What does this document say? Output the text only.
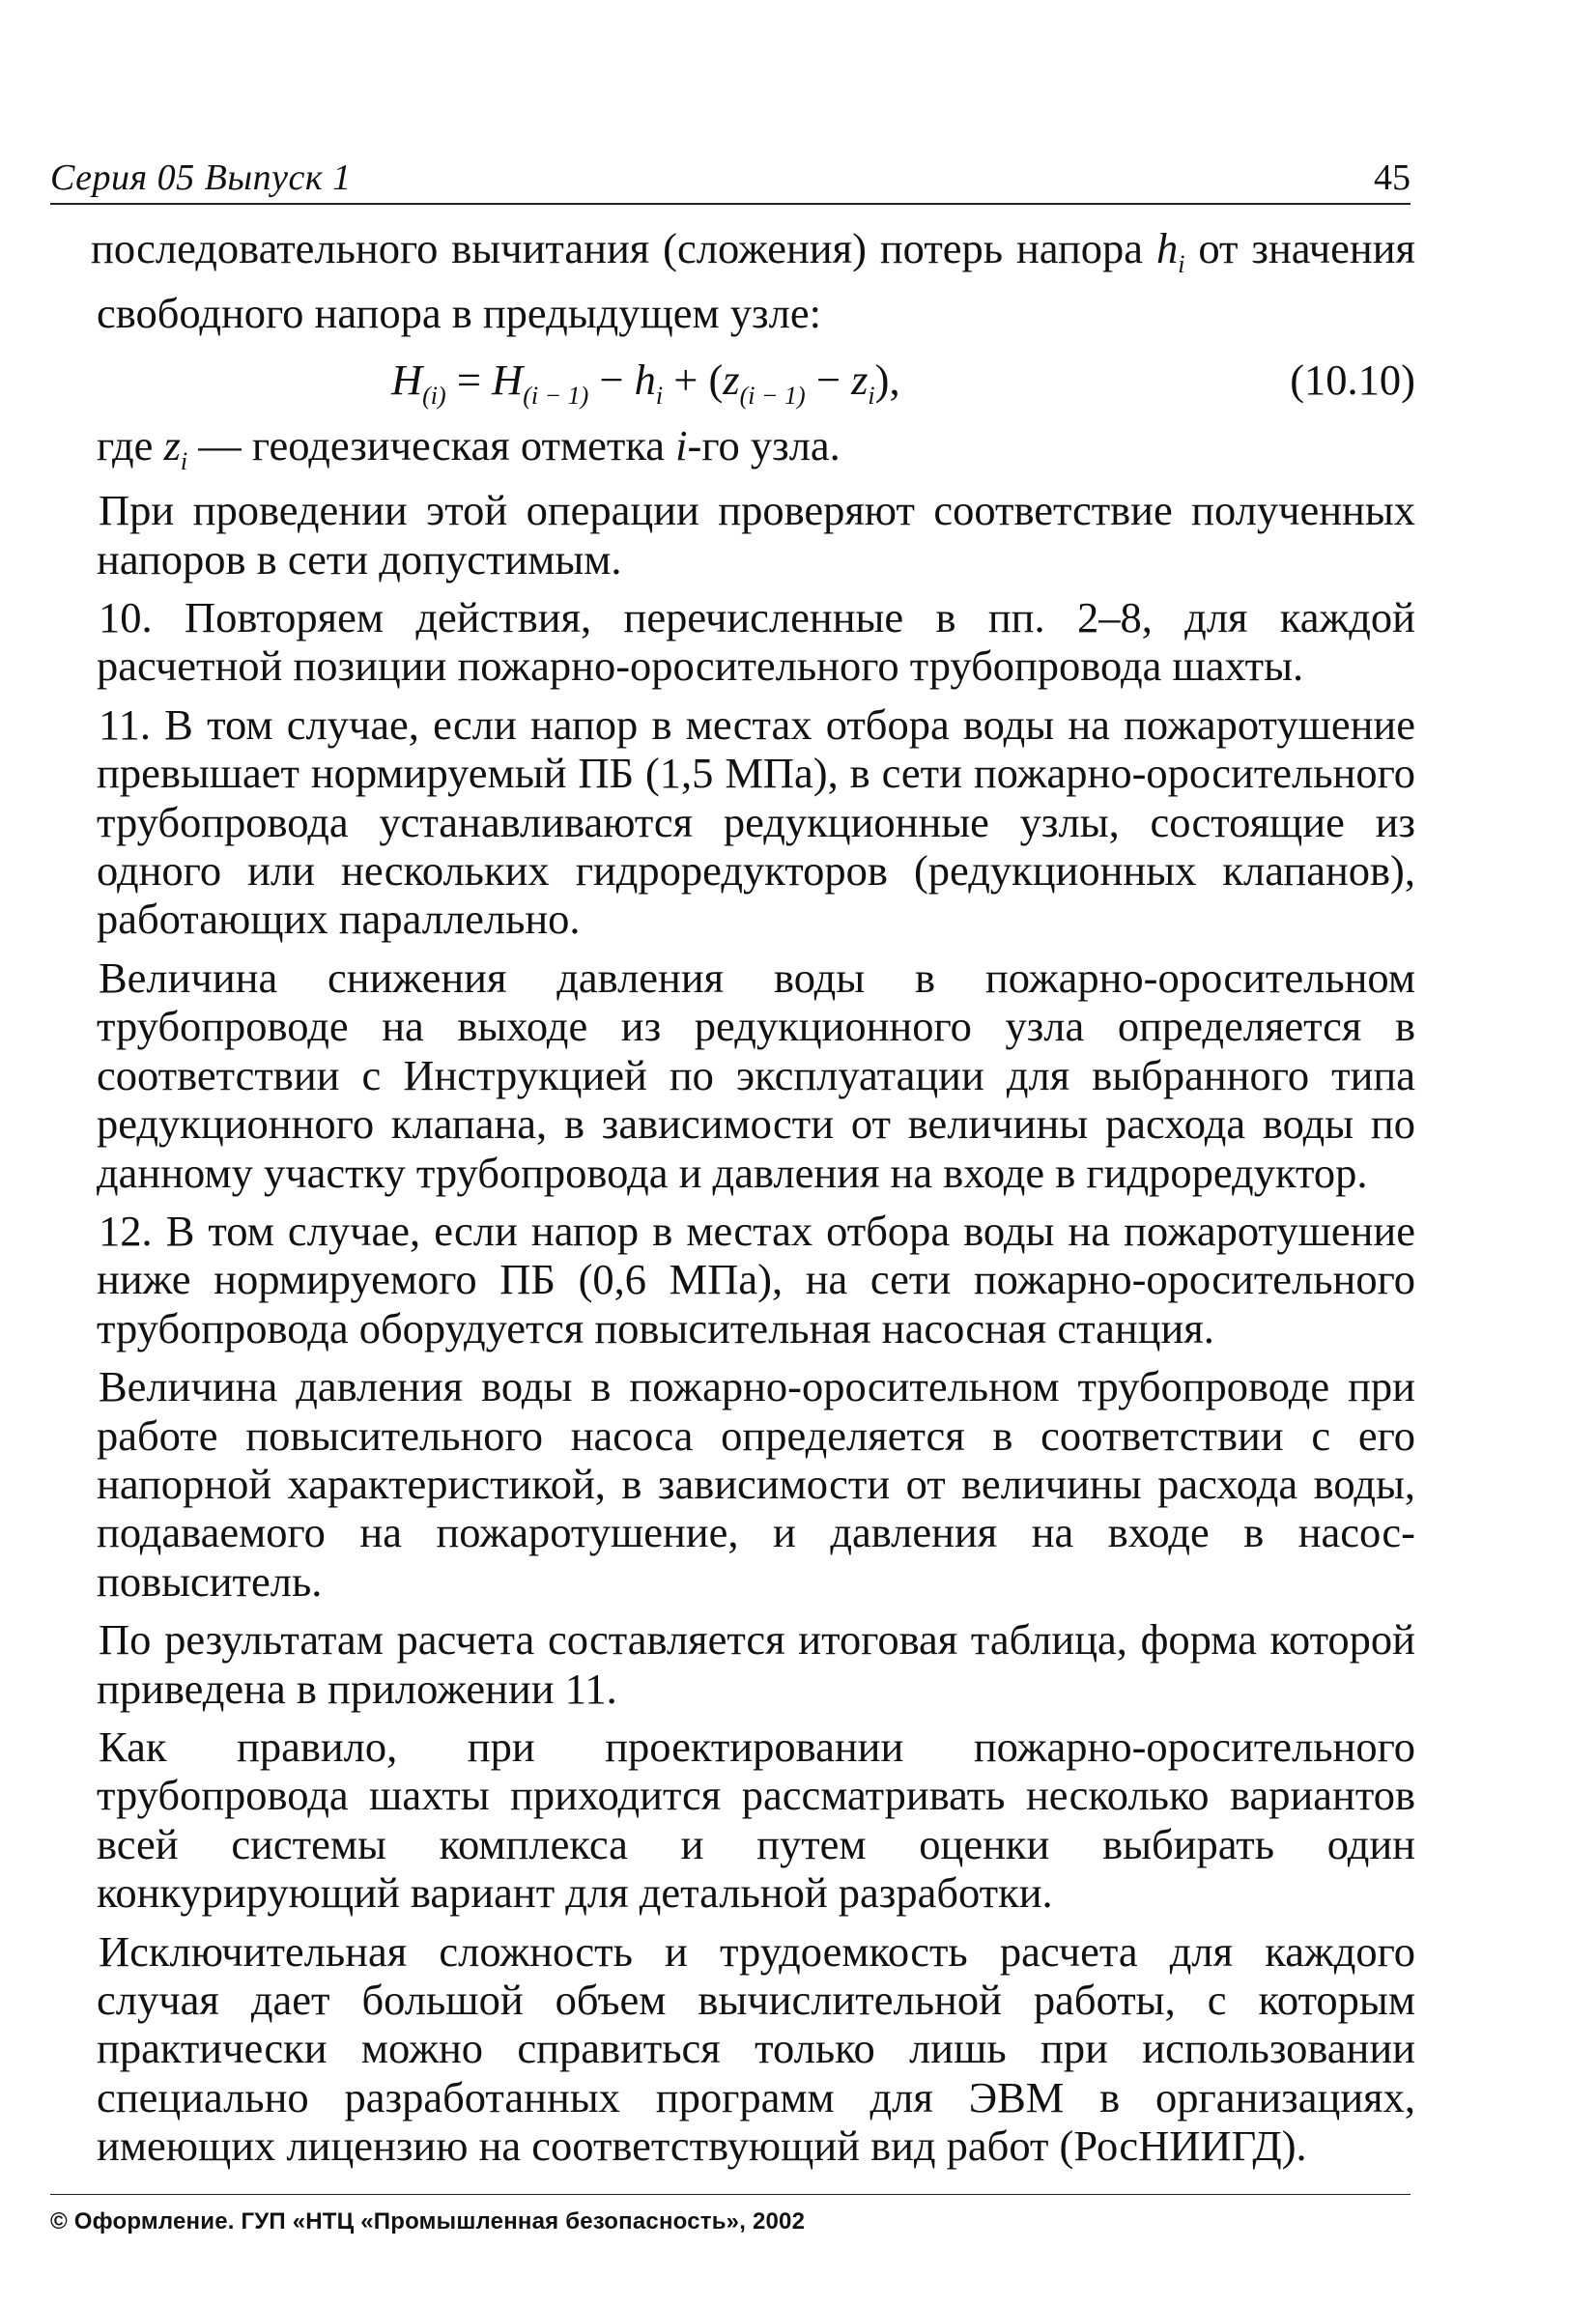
Серия 05 Выпуск 1	45

последовательного вычитания (сложения) потерь напора $h_i$ от значения свободного напора в предыдущем узле:

$H_{(i)} = H_{(i - 1)} - h_i + (z_{(i - 1)} - z_i)$,	(10.10)

где $z_i$ — геодезическая отметка i-го узла.

При проведении этой операции проверяют соответствие полученных напоров в сети допустимым.

10. Повторяем действия, перечисленные в пп. 2–8, для каждой расчетной позиции пожарно-оросительного трубопровода шахты.

11. В том случае, если напор в местах отбора воды на пожаротушение превышает нормируемый ПБ (1,5 МПа), в сети пожарно-оросительного трубопровода устанавливаются редукционные узлы, состоящие из одного или нескольких гидроредукторов (редукционных клапанов), работающих параллельно.

Величина снижения давления воды в пожарно-оросительном трубопроводе на выходе из редукционного узла определяется в соответствии с Инструкцией по эксплуатации для выбранного типа редукционного клапана, в зависимости от величины расхода воды по данному участку трубопровода и давления на входе в гидроредуктор.

12. В том случае, если напор в местах отбора воды на пожаротушение ниже нормируемого ПБ (0,6 МПа), на сети пожарно-оросительного трубопровода оборудуется повысительная насосная станция.

Величина давления воды в пожарно-оросительном трубопроводе при работе повысительного насоса определяется в соответствии с его напорной характеристикой, в зависимости от величины расхода воды, подаваемого на пожаротушение, и давления на входе в насос-повыситель.

По результатам расчета составляется итоговая таблица, форма которой приведена в приложении 11.

Как правило, при проектировании пожарно-оросительного трубопровода шахты приходится рассматривать несколько вариантов всей системы комплекса и путем оценки выбирать один конкурирующий вариант для детальной разработки.

Исключительная сложность и трудоемкость расчета для каждого случая дает большой объем вычислительной работы, с которым практически можно справиться только лишь при использовании специально разработанных программ для ЭВМ в организациях, имеющих лицензию на соответствующий вид работ (РосНИИГД).

© Оформление. ГУП «НТЦ «Промышленная безопасность», 2002
